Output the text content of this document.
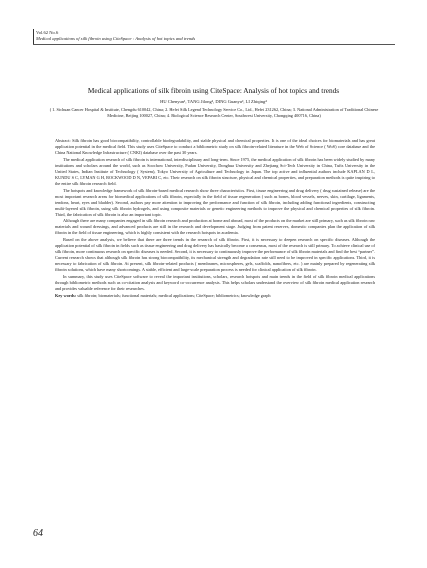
Vol.62 No.6
Medical applications of silk fibroin using CiteSpace : Analysis of hot topics and trends
Medical applications of silk fibroin using CiteSpace: Analysis of hot topics and trends
HU Chenyun¹, TANG Jilong², DING Guanyu³, LI Zhiqing⁴
( 1. Sichuan Cancer Hospital & Institute, Chengdu 610042, China; 2. Hefei Silk Legend Technology Service Co., Ltd., Hefei 231262, China; 3. National Administration of Traditional Chinese Medicine, Beijing 100027, China; 4. Biological Science Research Center, Southwest University, Chongqing 400716, China)

Abstract: Silk fibroin has good biocompatibility, controllable biodegradability, and stable physical and chemical properties. It is one of the ideal choices for biomaterials and has great application potential in the medical field. This study uses CiteSpace to conduct a bibliometric study on silk fibroin-related literature in the Web of Science ( WoS) core database and the China National Knowledge Infrastructure ( CNKI) database over the past 30 years.

The medical application research of silk fibroin is international, interdisciplinary and long-term. Since 1975, the medical application of silk fibroin has been widely studied by many institutions and scholars around the world, such as Soochow University, Fudan University, Donghua University and Zhejiang Sci-Tech University in China, Tufts University in the United States, Indian Institute of Technology ( System), Tokyo University of Agriculture and Technology in Japan. The top active and influential authors include KAPLAN D L, KUNDU S C, LYMAN G H, ROCKWOOD D N, VEPARI C, etc. Their research on silk fibroin structure, physical and chemical properties, and preparation methods is quite inspiring to the entire silk fibroin research field.

The hotspots and knowledge framework of silk fibroin-based medical research show three characteristics. First, tissue engineering and drug delivery ( drug sustained release) are the most important research areas for biomedical applications of silk fibroin, especially in the field of tissue regeneration ( such as bones, blood vessels, nerves, skin, cartilage, ligaments, tendons, heart, eyes and bladder). Second, authors pay more attention to improving the performance and function of silk fibroin, including adding functional ingredients, constructing multi-layered silk fibroin, using silk fibroin hydrogels, and using composite materials or genetic engineering methods to improve the physical and chemical properties of silk fibroin. Third, the fabrication of silk fibroin is also an important topic.

Although there are many companies engaged in silk fibroin research and production at home and abroad, most of the products on the market are still primary, such as silk fibroin raw materials and wound dressings, and advanced products are still in the research and development stage. Judging from patent reserves, domestic companies plan the application of silk fibroin in the field of tissue engineering, which is highly consistent with the research hotspots in academia.

Based on the above analysis, we believe that there are three trends in the research of silk fibroin. First, it is necessary to deepen research on specific diseases. Although the application potential of silk fibroin in fields such as tissue engineering and drug delivery has basically become a consensus, most of the research is still primary. To achieve clinical use of silk fibroin, more continuous research on specific diseases is needed. Second, it is necessary to continuously improve the performance of silk fibroin materials and find the best “partner”. Current research shows that although silk fibroin has strong biocompatibility, its mechanical strength and degradation rate still need to be improved in specific applications. Third, it is necessary to fabrication of silk fibroin. At present, silk fibroin-related products ( membranes, microspheres, gels, scaffolds, nanofibers, etc. ) are mainly prepared by regenerating silk fibroin solutions, which have many shortcomings. A stable, efficient and large-scale preparation process is needed for clinical application of silk fibroin.

In summary, this study uses CiteSpace software to reveal the important institutions, scholars, research hotspots and main trends in the field of silk fibroin medical applications through bibliometric methods such as co-citation analysis and keyword co-occurrence analysis. This helps scholars understand the overview of silk fibroin medical application research and provides valuable reference for their researches.

Key words: silk fibroin; biomaterials; functional materials; medical applications; CiteSpace; bibliometrics; knowledge graph
64
